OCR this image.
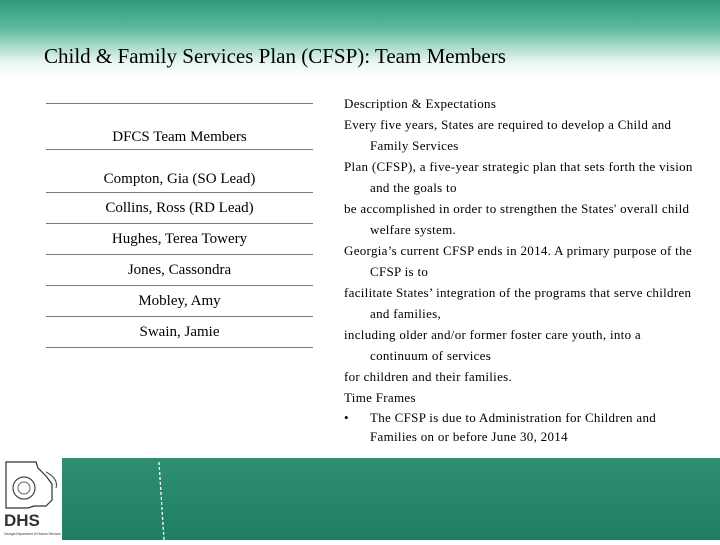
Child & Family Services Plan (CFSP): Team Members
DHS
Georgia Department of Human Services
DFCS Team Members
Compton, Gia (SO Lead)
Collins, Ross (RD Lead)
Hughes, Terea Towery
Jones, Cassondra
Mobley, Amy
Swain, Jamie

Description & Expectations

Every five years, States are required to develop a Child and Family Services

Plan (CFSP), a five-year strategic plan that sets forth the vision and the goals to

be accomplished in order to strengthen the States' overall child welfare system.

Georgia’s current CFSP ends in 2014. A primary purpose of the CFSP is to

facilitate States’ integration of the programs that serve children and families,

including older and/or former foster care youth, into a continuum of services

for children and their families.

Time Frames

•	The CFSP is due to Administration for Children and Families on or before June 30, 2014
